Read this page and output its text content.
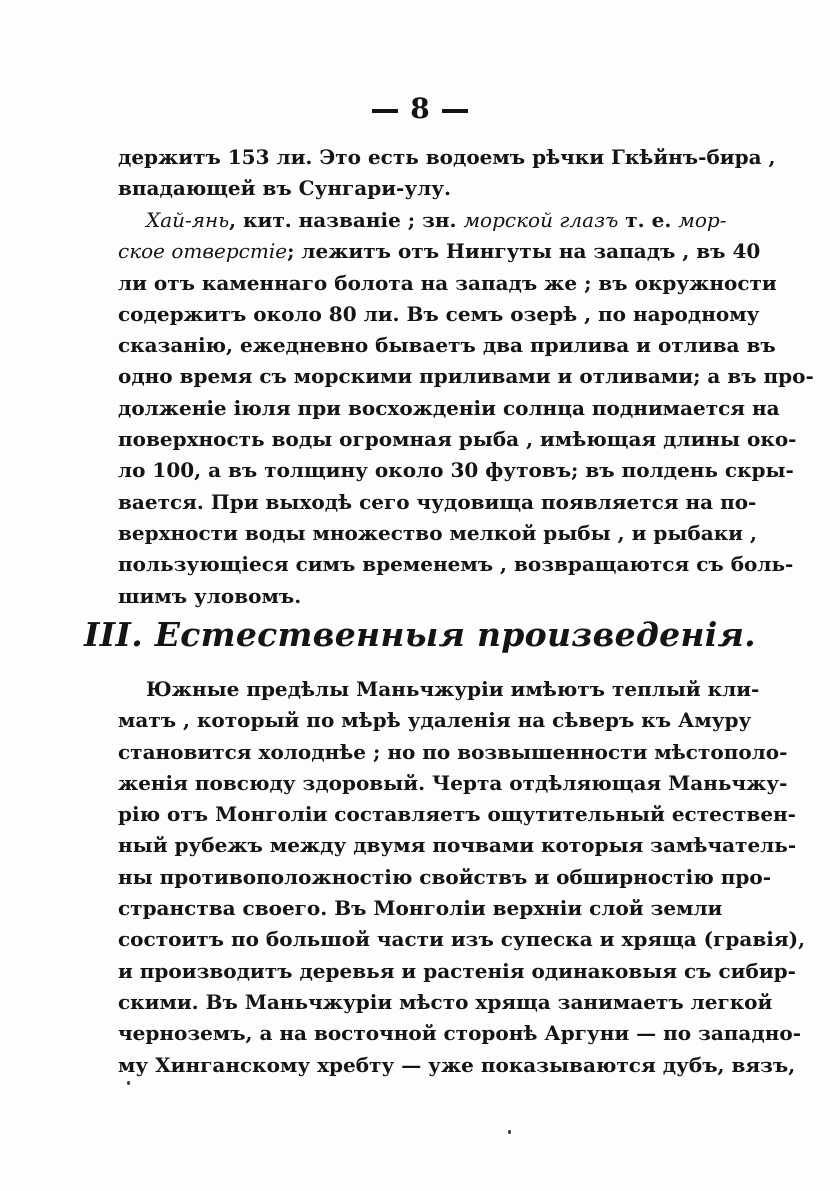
8
держитъ 153 ли. Это есть водоемъ рѣчки Гкѣйнъ-бира ,
впадающей въ Сунгари-улу.
Хай-янь, кит. названіе ; зн. морской глазъ т. е. мор-
ское отверстіе; лежитъ отъ Нингуты на западъ , въ 40
ли отъ каменнаго болота на западъ же ; въ окружности
содержитъ около 80 ли. Въ семъ озерѣ , по народному
сказанію, ежедневно бываетъ два прилива и отлива въ
одно время съ морскими приливами и отливами; а въ про-
долженіе іюля при восхожденіи солнца поднимается на
поверхность воды огромная рыба , имѣющая длины око-
ло 100, а въ толщину около 30 футовъ; въ полдень скры-
вается. При выходѣ сего чудовища появляется на по-
верхности воды множество мелкой рыбы , и рыбаки ,
пользующіеся симъ временемъ , возвращаются съ боль-
шимъ уловомъ.
III. Естественныя произведенія.
Южные предѣлы Маньчжуріи имѣютъ теплый кли-
матъ , который по мѣрѣ удаленія на сѣверъ къ Амуру
становится холоднѣе ; но по возвышенности мѣстополо-
женія повсюду здоровый. Черта отдѣляющая Маньчжу-
рію отъ Монголіи составляетъ ощутительный естествен-
ный рубежъ между двумя почвами которыя замѣчатель-
ны противоположностію свойствъ и обширностію про-
странства своего. Въ Монголіи верхніи слой земли
состоитъ по большой части изъ супеска и хряща (гравія),
и производитъ деревья и растенія одинаковыя съ сибир-
скими. Въ Маньчжуріи мѣсто хряща занимаетъ легкой
черноземъ, а на восточной сторонѣ Аргуни — по западно-
му Хинганскому хребту — уже показываются дубъ, вязъ,
